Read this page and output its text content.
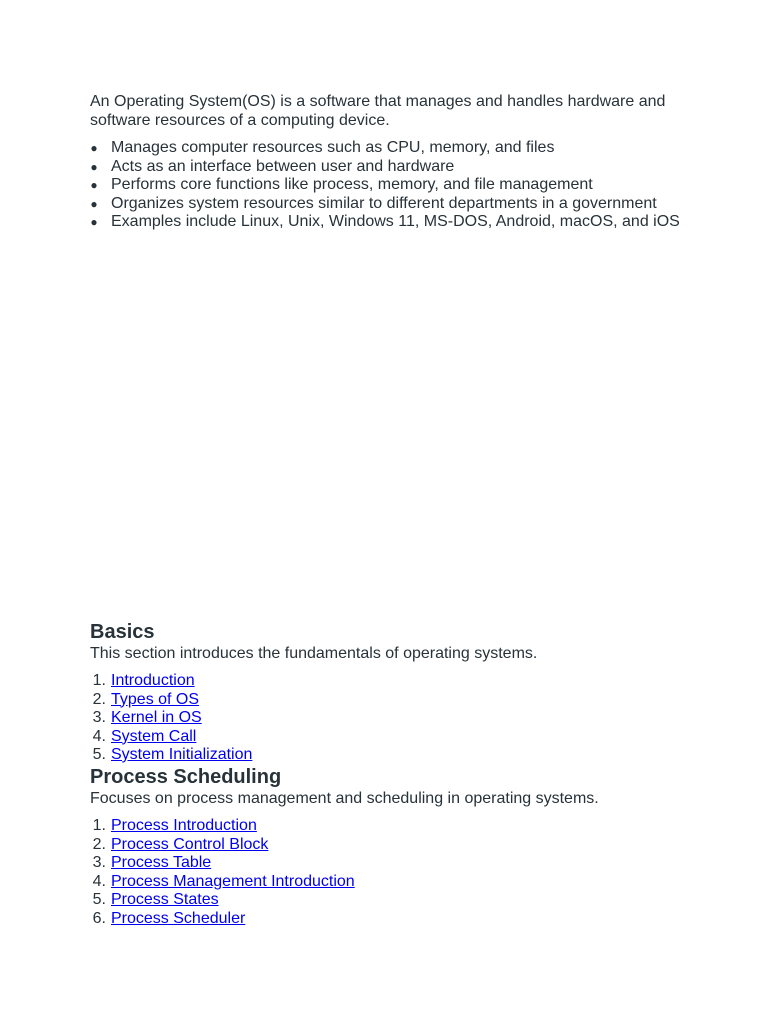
An Operating System(OS) is a software that manages and handles hardware and software resources of a computing device.

● Manages computer resources such as CPU, memory, and files
● Acts as an interface between user and hardware
● Performs core functions like process, memory, and file management
● Organizes system resources similar to different departments in a government
● Examples include Linux, Unix, Windows 11, MS-DOS, Android, macOS, and iOS
Basics

This section introduces the fundamentals of operating systems.

1. Introduction
2. Types of OS
3. Kernel in OS
4. System Call
5. System Initialization
Process Scheduling

Focuses on process management and scheduling in operating systems.

1. Process Introduction
2. Process Control Block
3. Process Table
4. Process Management Introduction
5. Process States
6. Process Scheduler
